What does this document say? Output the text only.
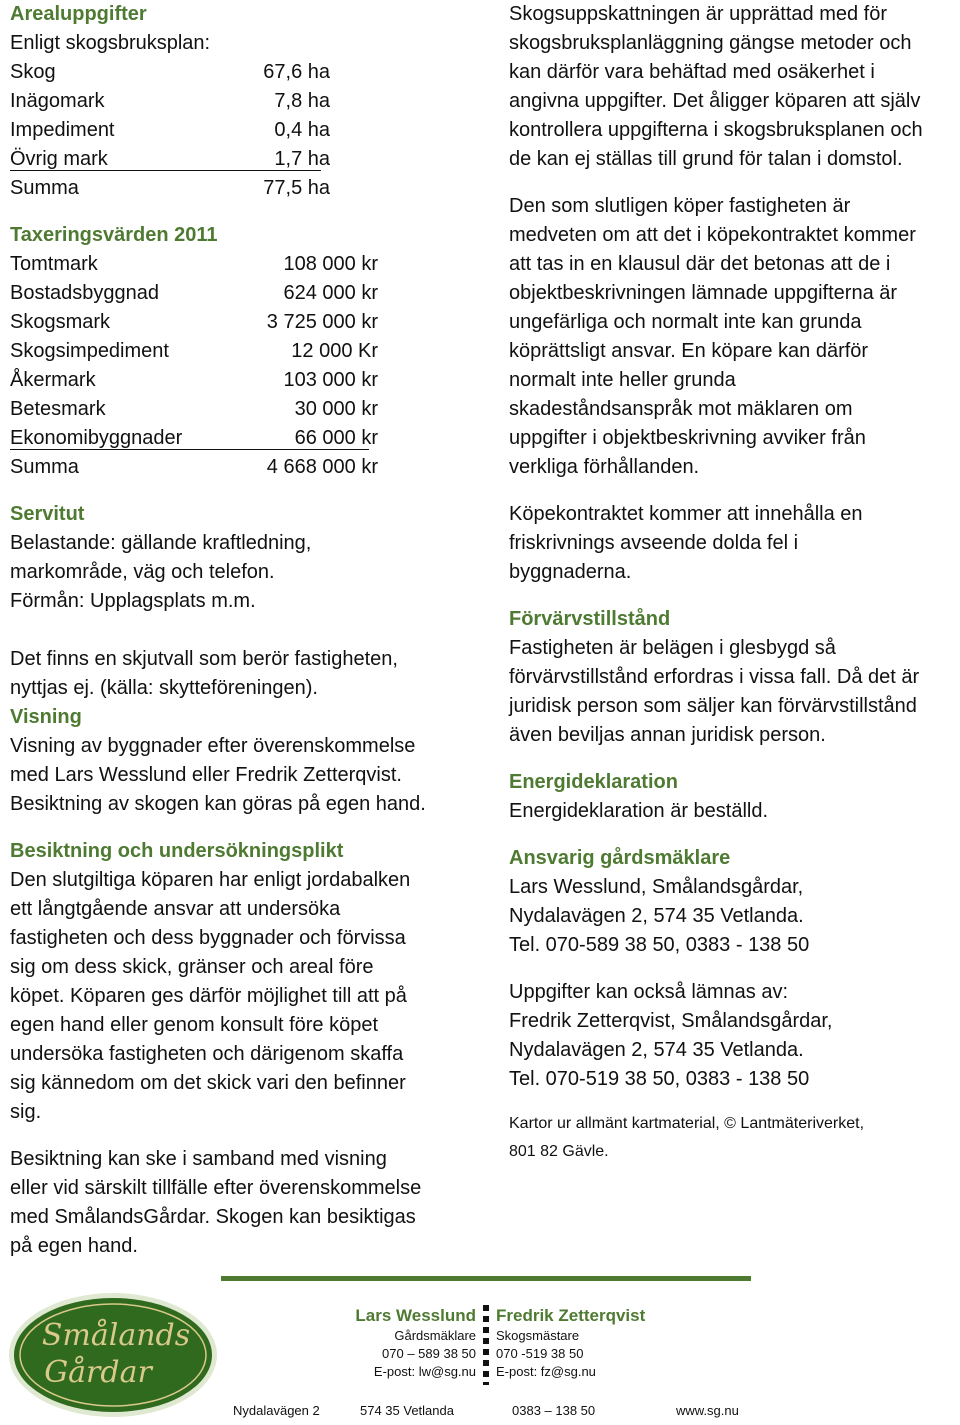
Arealuppgifter

Enligt skogsbruksplan:

Skog	67,6 ha
Inägomark	7,8 ha
Impediment	0,4 ha
Övrig mark	1,7 ha
Summa	77,5 ha

Taxeringsvärden 2011

Tomtmark	108 000 kr
Bostadsbyggnad	624 000 kr
Skogsmark	3 725 000 kr
Skogsimpediment	12 000 Kr
Åkermark	103 000 kr
Betesmark	30 000 kr
Ekonomibyggnader	66 000 kr
Summa	4 668 000 kr

Servitut

Belastande: gällande kraftledning,

markområde, väg och telefon.

Förmån: Upplagsplats m.m.

Det finns en skjutvall som berör fastigheten,

nyttjas ej. (källa: skytteföreningen).

Visning

Visning av byggnader efter överenskommelse

med Lars Wesslund eller Fredrik Zetterqvist.

Besiktning av skogen kan göras på egen hand.

Besiktning och undersökningsplikt

Den slutgiltiga köparen har enligt jordabalken

ett långtgående ansvar att undersöka

fastigheten och dess byggnader och förvissa

sig om dess skick, gränser och areal före

köpet. Köparen ges därför möjlighet till att på

egen hand eller genom konsult före köpet

undersöka fastigheten och därigenom skaffa

sig kännedom om det skick vari den befinner

sig.

Besiktning kan ske i samband med visning

eller vid särskilt tillfälle efter överenskommelse

med SmålandsGårdar. Skogen kan besiktigas

på egen hand.

Skogsuppskattningen är upprättad med för

skogsbruksplanläggning gängse metoder och

kan därför vara behäftad med osäkerhet i

angivna uppgifter. Det åligger köparen att själv

kontrollera uppgifterna i skogsbruksplanen och

de kan ej ställas till grund för talan i domstol.

Den som slutligen köper fastigheten är

medveten om att det i köpekontraktet kommer

att tas in en klausul där det betonas att de i

objektbeskrivningen lämnade uppgifterna är

ungefärliga och normalt inte kan grunda

köprättsligt ansvar. En köpare kan därför

normalt inte heller grunda

skadeståndsanspråk mot mäklaren om

uppgifter i objektbeskrivning avviker från

verkliga förhållanden.

Köpekontraktet kommer att innehålla en

friskrivnings avseende dolda fel i

byggnaderna.

Förvärvstillstånd

Fastigheten är belägen i glesbygd så

förvärvstillstånd erfordras i vissa fall. Då det är

juridisk person som säljer kan förvärvstillstånd

även beviljas annan juridisk person.

Energideklaration

Energideklaration är beställd.

Ansvarig gårdsmäklare

Lars Wesslund, Smålandsgårdar,

Nydalavägen 2, 574 35 Vetlanda.

Tel. 070-589 38 50, 0383 - 138 50

Uppgifter kan också lämnas av:

Fredrik Zetterqvist, Smålandsgårdar,

Nydalavägen 2, 574 35 Vetlanda.

Tel. 070-519 38 50, 0383 - 138 50

Kartor ur allmänt kartmaterial, © Lantmäteriverket,

801 82 Gävle.

Smålands
Gårdar
Lars Wesslund
Gårdsmäklare
070 – 589 38 50
E-post: lw@sg.nu
Fredrik Zetterqvist
Skogsmästare
070 -519 38 50
E-post: fz@sg.nu
Nydalavägen 2	574 35 Vetlanda	0383 – 138 50	www.sg.nu
